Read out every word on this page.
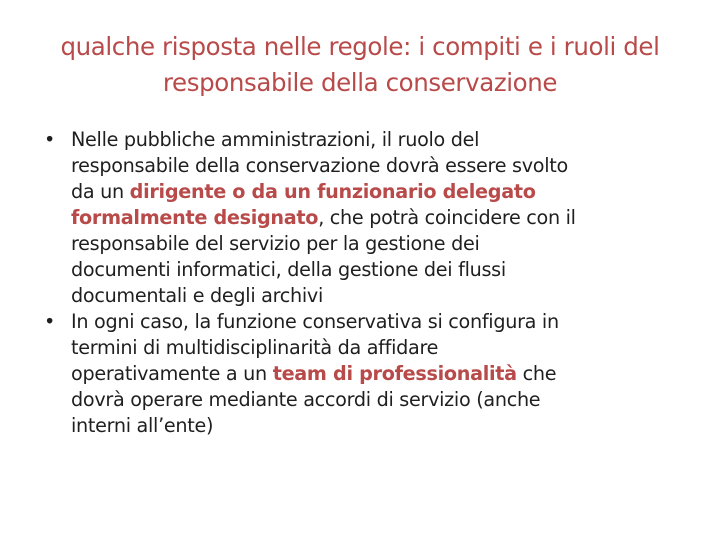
qualche risposta nelle regole: i compiti e i ruoli del
responsabile della conservazione
• Nelle pubbliche amministrazioni, il ruolo del
responsabile della conservazione dovrà essere svolto
da un dirigente o da un funzionario delegato
formalmente designato, che potrà coincidere con il
responsabile del servizio per la gestione dei
documenti informatici, della gestione dei flussi
documentali e degli archivi
• In ogni caso, la funzione conservativa si configura in
termini di multidisciplinarità da affidare
operativamente a un team di professionalità che
dovrà operare mediante accordi di servizio (anche
interni all’ente)
